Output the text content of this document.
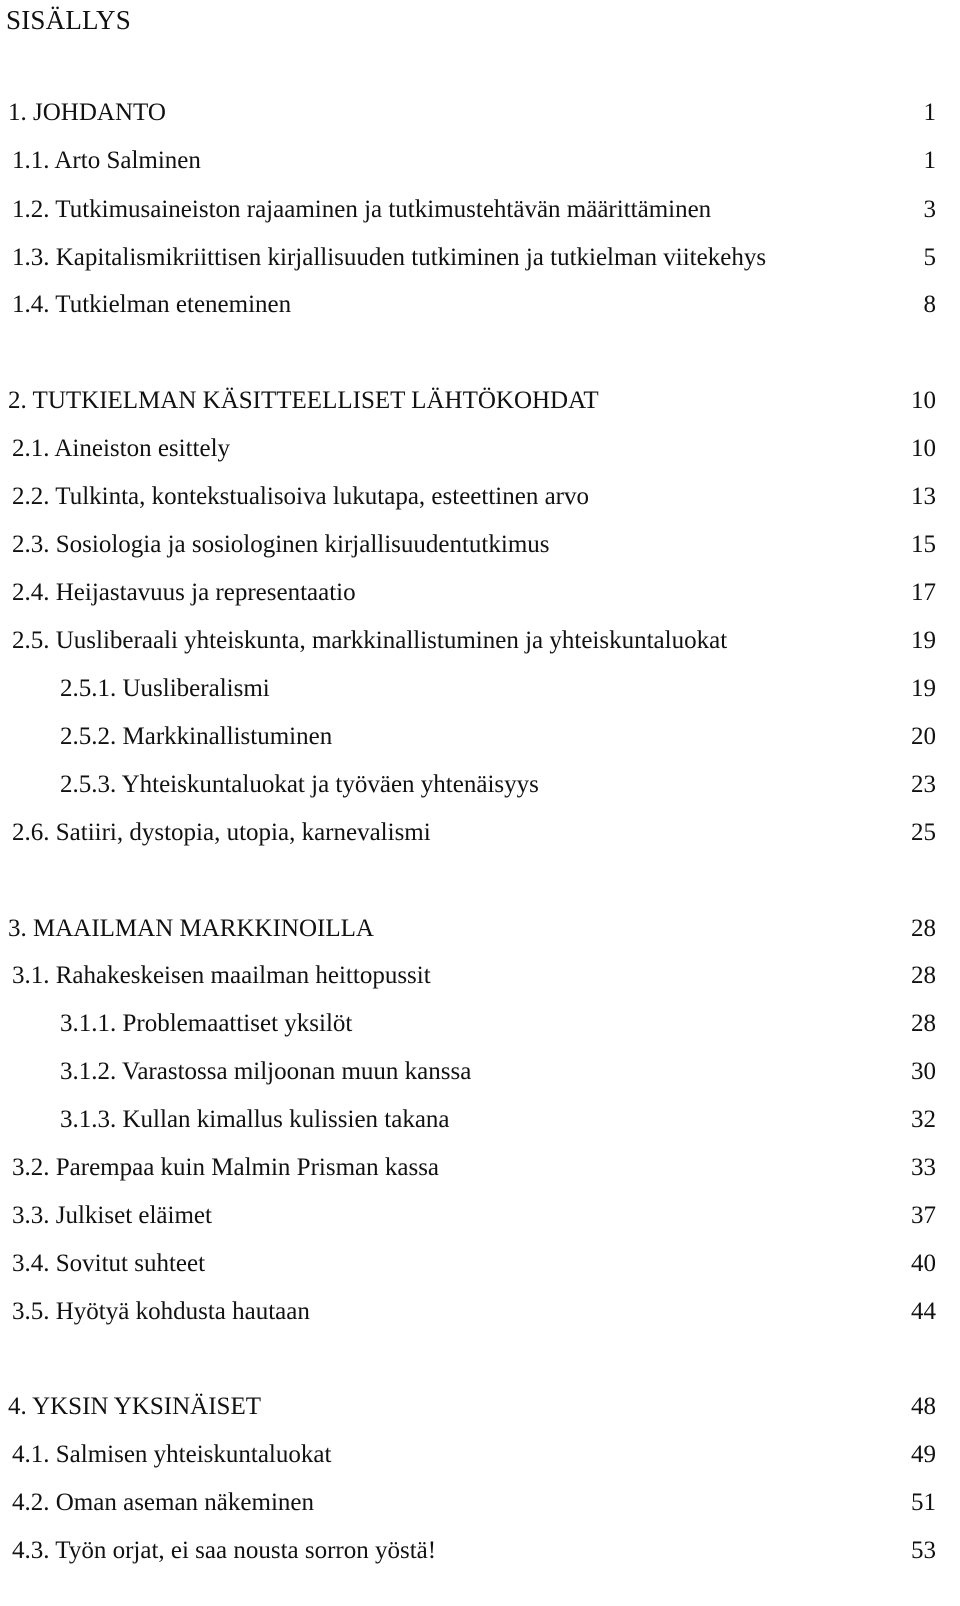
SISÄLLYS
1. JOHDANTO	1
1.1. Arto Salminen	1
1.2. Tutkimusaineiston rajaaminen ja tutkimustehtävän määrittäminen	3
1.3. Kapitalismikriittisen kirjallisuuden tutkiminen ja tutkielman viitekehys	5
1.4. Tutkielman eteneminen	8
2. TUTKIELMAN KÄSITTEELLISET LÄHTÖKOHDAT	10
2.1. Aineiston esittely	10
2.2. Tulkinta, kontekstualisoiva lukutapa, esteettinen arvo	13
2.3. Sosiologia ja sosiologinen kirjallisuudentutkimus	15
2.4. Heijastavuus ja representaatio	17
2.5. Uusliberaali yhteiskunta, markkinallistuminen ja yhteiskuntaluokat	19
2.5.1. Uusliberalismi	19
2.5.2. Markkinallistuminen	20
2.5.3. Yhteiskuntaluokat ja työväen yhtenäisyys	23
2.6. Satiiri, dystopia, utopia, karnevalismi	25
3. MAAILMAN MARKKINOILLA	28
3.1. Rahakeskeisen maailman heittopussit	28
3.1.1. Problemaattiset yksilöt	28
3.1.2. Varastossa miljoonan muun kanssa	30
3.1.3. Kullan kimallus kulissien takana	32
3.2. Parempaa kuin Malmin Prisman kassa	33
3.3. Julkiset eläimet	37
3.4. Sovitut suhteet	40
3.5. Hyötyä kohdusta hautaan	44
4. YKSIN YKSINÄISET	48
4.1. Salmisen yhteiskuntaluokat	49
4.2. Oman aseman näkeminen	51
4.3. Työn orjat, ei saa nousta sorron yöstä!	53
